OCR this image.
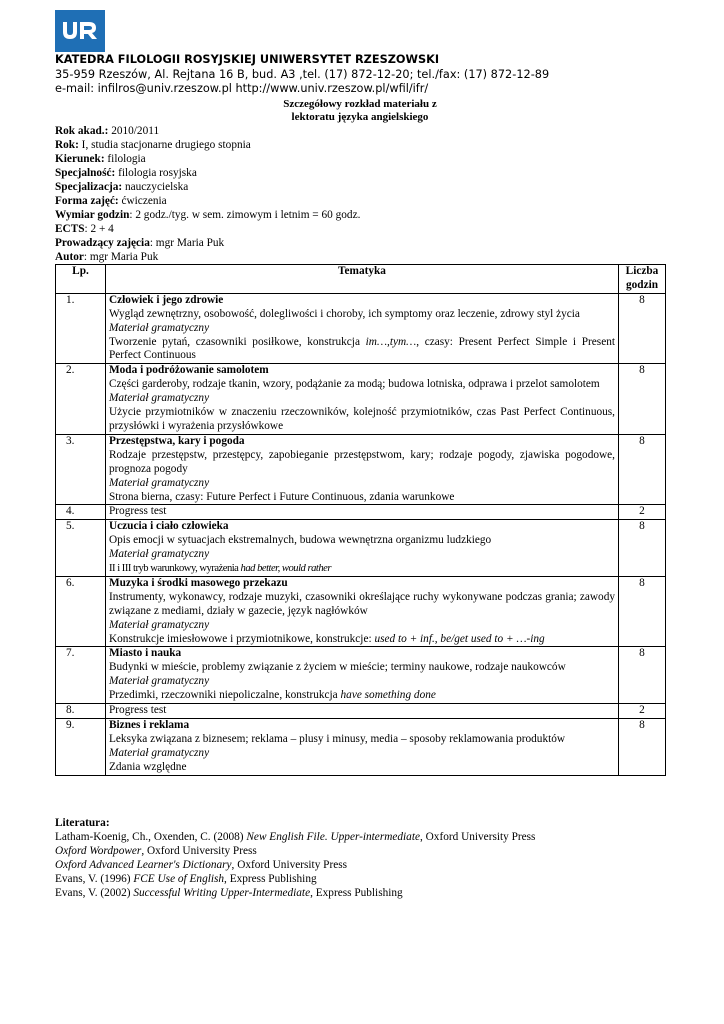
KATEDRA FILOLOGII ROSYJSKIEJ UNIWERSYTET RZESZOWSKI
35-959 Rzeszów, Al. Rejtana 16 B, bud. A3 ,tel. (17) 872-12-20; tel./fax: (17) 872-12-89
e-mail: infilros@univ.rzeszow.pl http://www.univ.rzeszow.pl/wfil/ifr/
Szczegółowy rozkład materiału z
lektoratu języka angielskiego
Rok akad.: 2010/2011
Rok: I, studia stacjonarne drugiego stopnia
Kierunek: filologia
Specjalność: filologia rosyjska
Specjalizacja: nauczycielska
Forma zajęć: ćwiczenia
Wymiar godzin: 2 godz./tyg. w sem. zimowym i letnim = 60 godz.
ECTS: 2 + 4
Prowadzący zajęcia: mgr Maria Puk
Autor: mgr Maria Puk
Lp.	Tematyka	Liczba
godzin
1.	Człowiek i jego zdrowie
Wygląd zewnętrzny, osobowość, dolegliwości i choroby, ich symptomy oraz leczenie, zdrowy styl życia
Materiał gramatyczny
Tworzenie pytań, czasowniki posiłkowe, konstrukcja im…,tym…, czasy: Present Perfect Simple i Present Perfect Continuous	8
2.	Moda i podróżowanie samolotem
Części garderoby, rodzaje tkanin, wzory, podążanie za modą; budowa lotniska, odprawa i przelot samolotem
Materiał gramatyczny
Użycie przymiotników w znaczeniu rzeczowników, kolejność przymiotników, czas Past Perfect Continuous, przysłówki i wyrażenia przysłówkowe	8
3.	Przestępstwa, kary i pogoda
Rodzaje przestępstw, przestępcy, zapobieganie przestępstwom, kary; rodzaje pogody, zjawiska pogodowe, prognoza pogody
Materiał gramatyczny
Strona bierna, czasy: Future Perfect i Future Continuous, zdania warunkowe	8
4.	Progress test	2
5.	Uczucia i ciało człowieka
Opis emocji w sytuacjach ekstremalnych, budowa wewnętrzna organizmu ludzkiego
Materiał gramatyczny
II i III tryb warunkowy, wyrażenia had better, would rather	8
6.	Muzyka i środki masowego przekazu
Instrumenty, wykonawcy, rodzaje muzyki, czasowniki określające ruchy wykonywane podczas grania; zawody związane z mediami, działy w gazecie, język nagłówków
Materiał gramatyczny
Konstrukcje imiesłowowe i przymiotnikowe, konstrukcje: used to + inf., be/get used to + …-ing	8
7.	Miasto i nauka
Budynki w mieście, problemy związanie z życiem w mieście; terminy naukowe, rodzaje naukowców
Materiał gramatyczny
Przedimki, rzeczowniki niepoliczalne, konstrukcja have something done	8
8.	Progress test	2
9.	Biznes i reklama
Leksyka związana z biznesem; reklama – plusy i minusy, media – sposoby reklamowania produktów
Materiał gramatyczny
Zdania względne	8
Literatura:
Latham-Koenig, Ch., Oxenden, C. (2008) New English File. Upper-intermediate, Oxford University Press
Oxford Wordpower, Oxford University Press
Oxford Advanced Learner's Dictionary, Oxford University Press
Evans, V. (1996) FCE Use of English, Express Publishing
Evans, V. (2002) Successful Writing Upper-Intermediate, Express Publishing
